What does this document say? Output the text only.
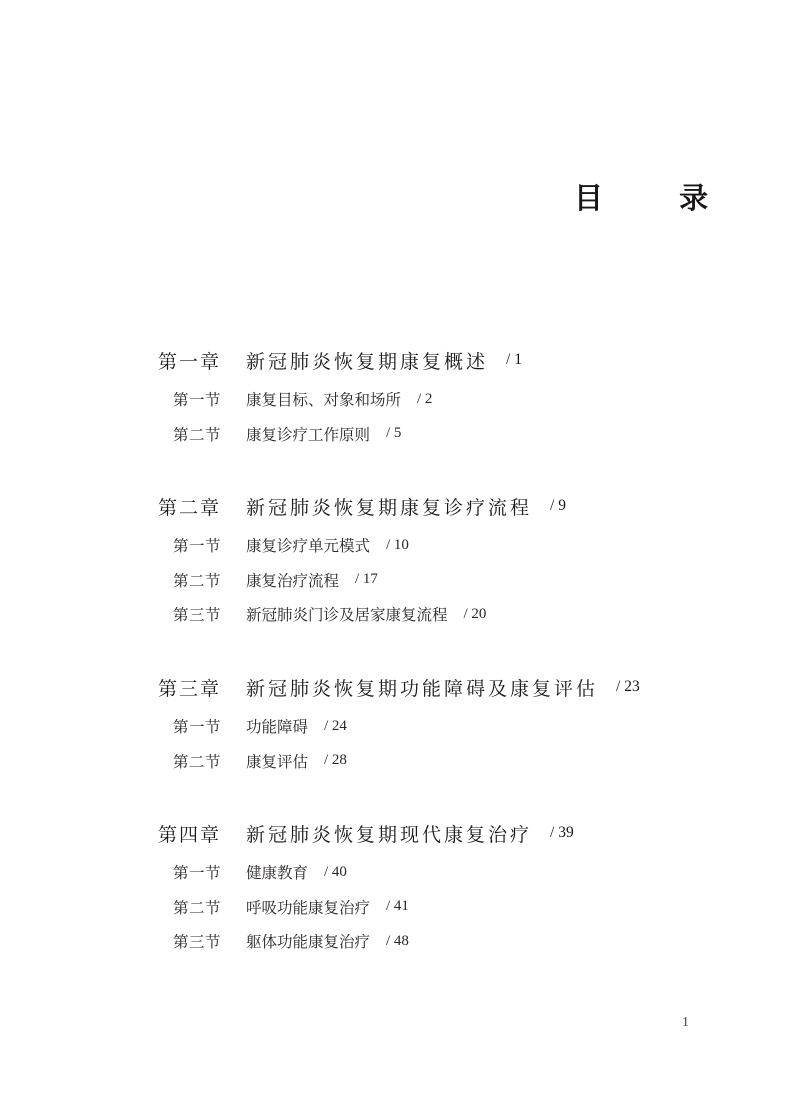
目 录
第一章	新冠肺炎恢复期康复概述 / 1
第一节	康复目标、对象和场所 / 2
第二节	康复诊疗工作原则 / 5
第二章	新冠肺炎恢复期康复诊疗流程 / 9
第一节	康复诊疗单元模式 / 10
第二节	康复治疗流程 / 17
第三节	新冠肺炎门诊及居家康复流程 / 20
第三章	新冠肺炎恢复期功能障碍及康复评估 / 23
第一节	功能障碍 / 24
第二节	康复评估 / 28
第四章	新冠肺炎恢复期现代康复治疗 / 39
第一节	健康教育 / 40
第二节	呼吸功能康复治疗 / 41
第三节	躯体功能康复治疗 / 48
1
